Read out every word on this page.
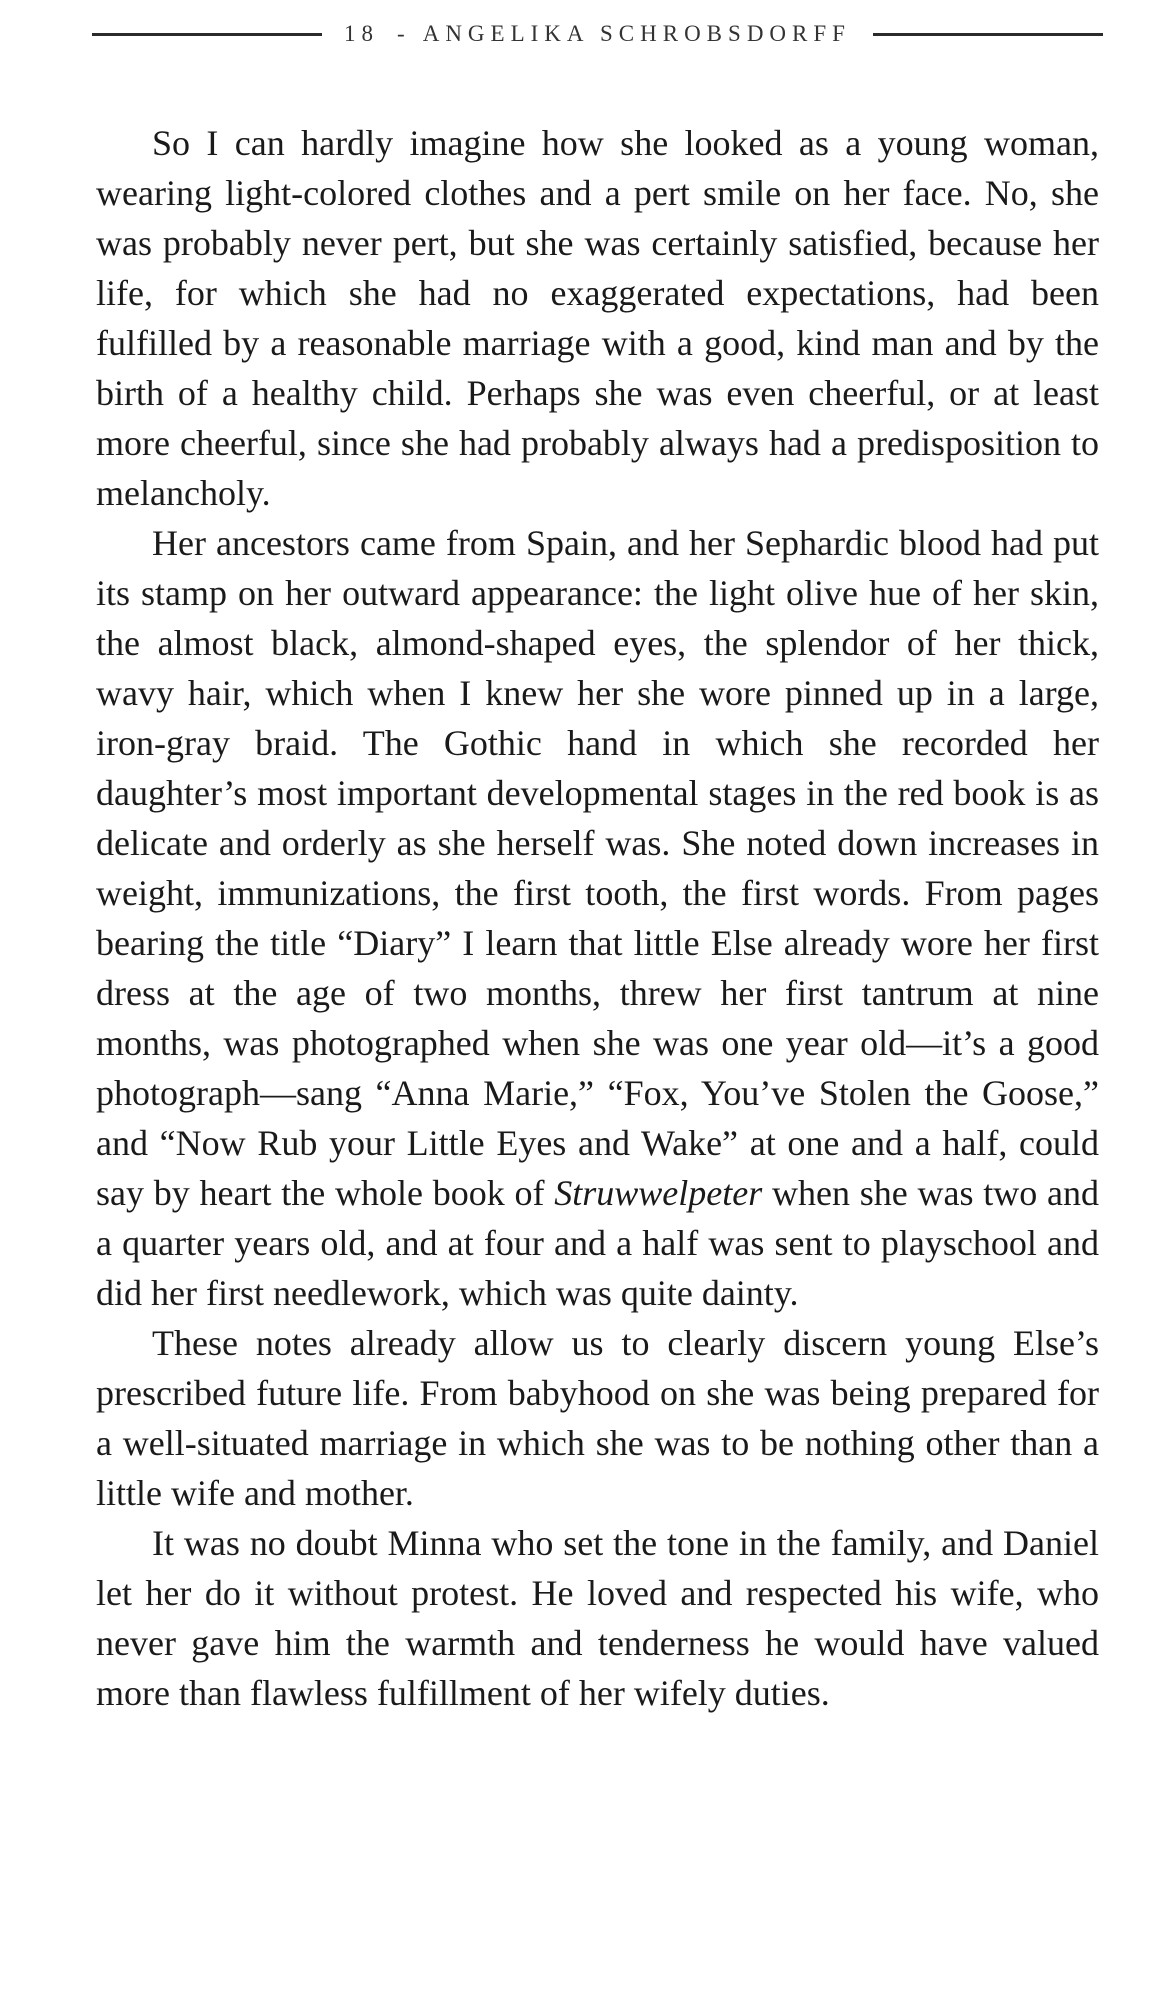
18 - ANGELIKA SCHROBSDORFF

So I can hardly imagine how she looked as a young woman, wearing light-colored clothes and a pert smile on her face. No, she was probably never pert, but she was certainly satisfied, because her life, for which she had no exaggerated expectations, had been fulfilled by a reasonable marriage with a good, kind man and by the birth of a healthy child. Perhaps she was even cheerful, or at least more cheerful, since she had probably always had a predisposition to melancholy.

Her ancestors came from Spain, and her Sephardic blood had put its stamp on her outward appearance: the light olive hue of her skin, the almost black, almond-shaped eyes, the splendor of her thick, wavy hair, which when I knew her she wore pinned up in a large, iron-gray braid. The Gothic hand in which she recorded her daughter’s most important developmental stages in the red book is as delicate and orderly as she herself was. She noted down increases in weight, immunizations, the first tooth, the first words. From pages bearing the title “Diary” I learn that little Else already wore her first dress at the age of two months, threw her first tantrum at nine months, was photographed when she was one year old—it’s a good photograph—sang “Anna Marie,” “Fox, You’ve Stolen the Goose,” and “Now Rub your Little Eyes and Wake” at one and a half, could say by heart the whole book of Struwwelpeter when she was two and a quarter years old, and at four and a half was sent to playschool and did her first needlework, which was quite dainty.

These notes already allow us to clearly discern young Else’s prescribed future life. From babyhood on she was being prepared for a well-situated marriage in which she was to be nothing other than a little wife and mother.

It was no doubt Minna who set the tone in the family, and Daniel let her do it without protest. He loved and respected his wife, who never gave him the warmth and tenderness he would have valued more than flawless fulfillment of her wifely duties.
